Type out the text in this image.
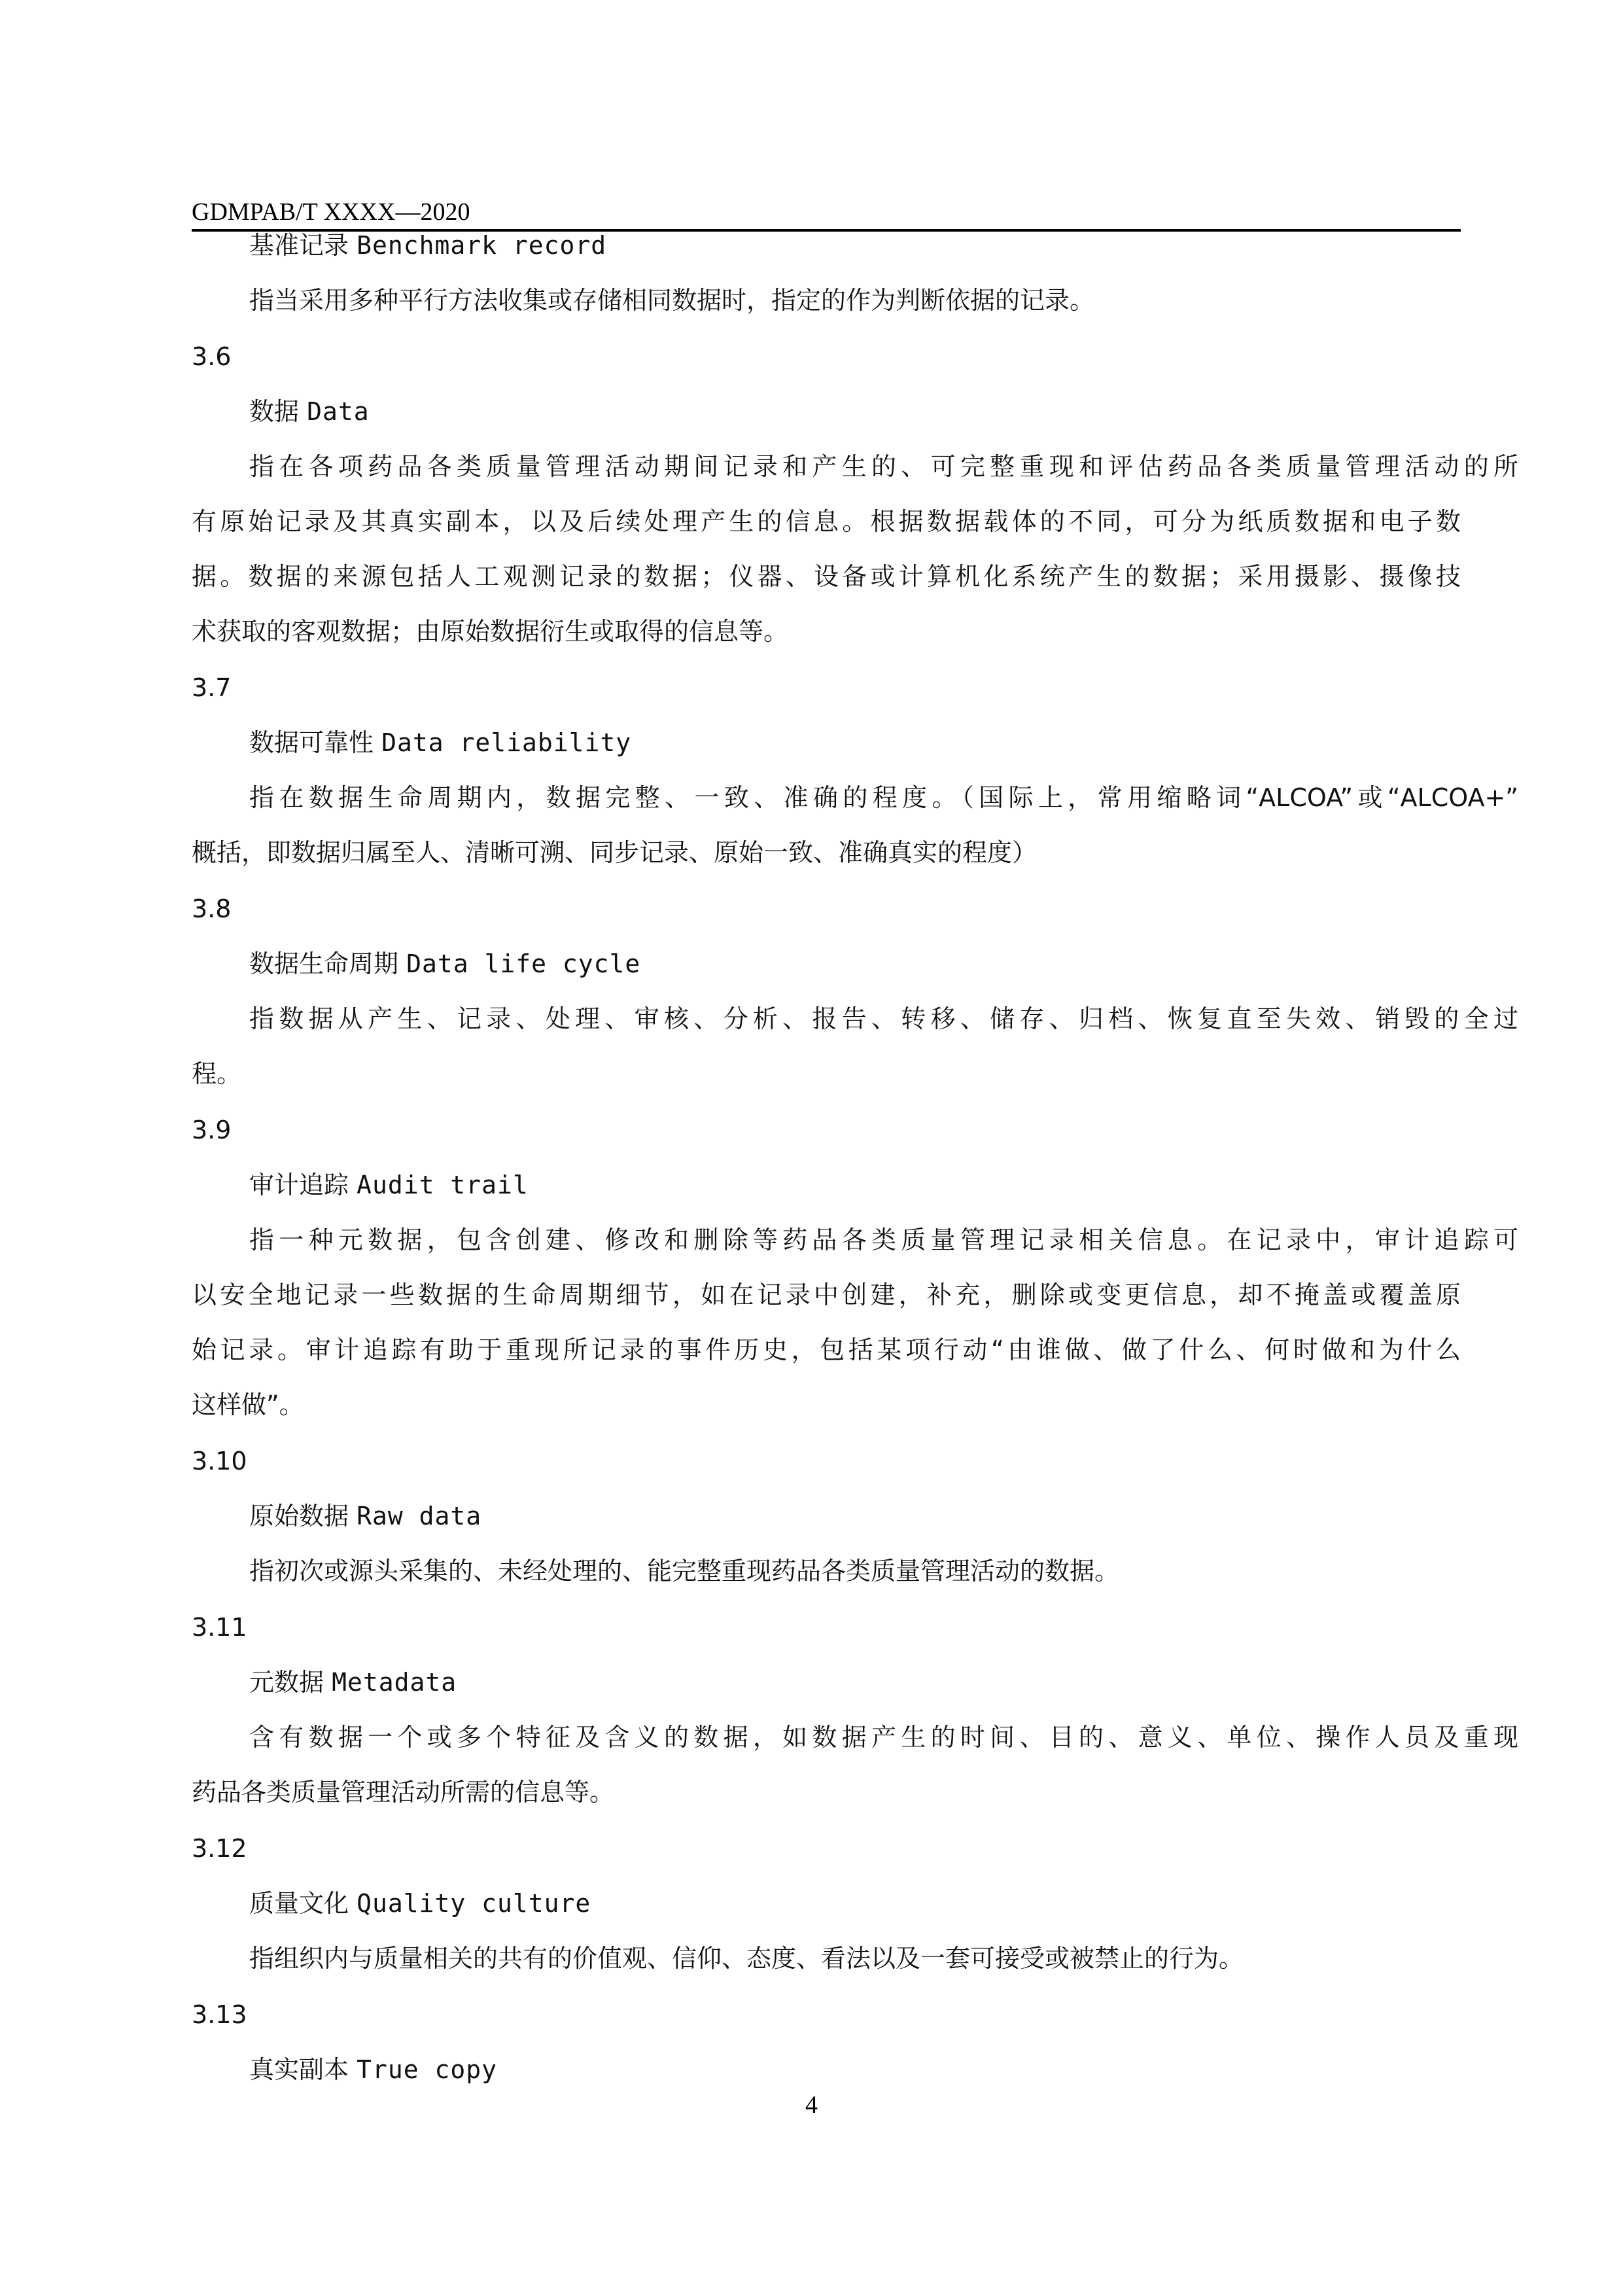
GDMPAB/T XXXX—2020
基准记录 Benchmark record
指当采用多种平行方法收集或存储相同数据时，指定的作为判断依据的记录。
3.6
数据 Data
指在各项药品各类质量管理活动期间记录和产生的、可完整重现和评估药品各类质量管理活动的所
有原始记录及其真实副本，以及后续处理产生的信息。根据数据载体的不同，可分为纸质数据和电子数
据。数据的来源包括人工观测记录的数据；仪器、设备或计算机化系统产生的数据；采用摄影、摄像技
术获取的客观数据；由原始数据衍生或取得的信息等。
3.7
数据可靠性 Data reliability
指在数据生命周期内，数据完整、一致、准确的程度。（国际上，常用缩略词“ALCOA”或“ALCOA+”
概括，即数据归属至人、清晰可溯、同步记录、原始一致、准确真实的程度）
3.8
数据生命周期 Data life cycle
指数据从产生、记录、处理、审核、分析、报告、转移、储存、归档、恢复直至失效、销毁的全过
程。
3.9
审计追踪 Audit trail
指一种元数据，包含创建、修改和删除等药品各类质量管理记录相关信息。在记录中，审计追踪可
以安全地记录一些数据的生命周期细节，如在记录中创建，补充，删除或变更信息，却不掩盖或覆盖原
始记录。审计追踪有助于重现所记录的事件历史，包括某项行动“由谁做、做了什么、何时做和为什么
这样做”。
3.10
原始数据 Raw data
指初次或源头采集的、未经处理的、能完整重现药品各类质量管理活动的数据。
3.11
元数据 Metadata
含有数据一个或多个特征及含义的数据，如数据产生的时间、目的、意义、单位、操作人员及重现
药品各类质量管理活动所需的信息等。
3.12
质量文化 Quality culture
指组织内与质量相关的共有的价值观、信仰、态度、看法以及一套可接受或被禁止的行为。
3.13
真实副本 True copy
4
